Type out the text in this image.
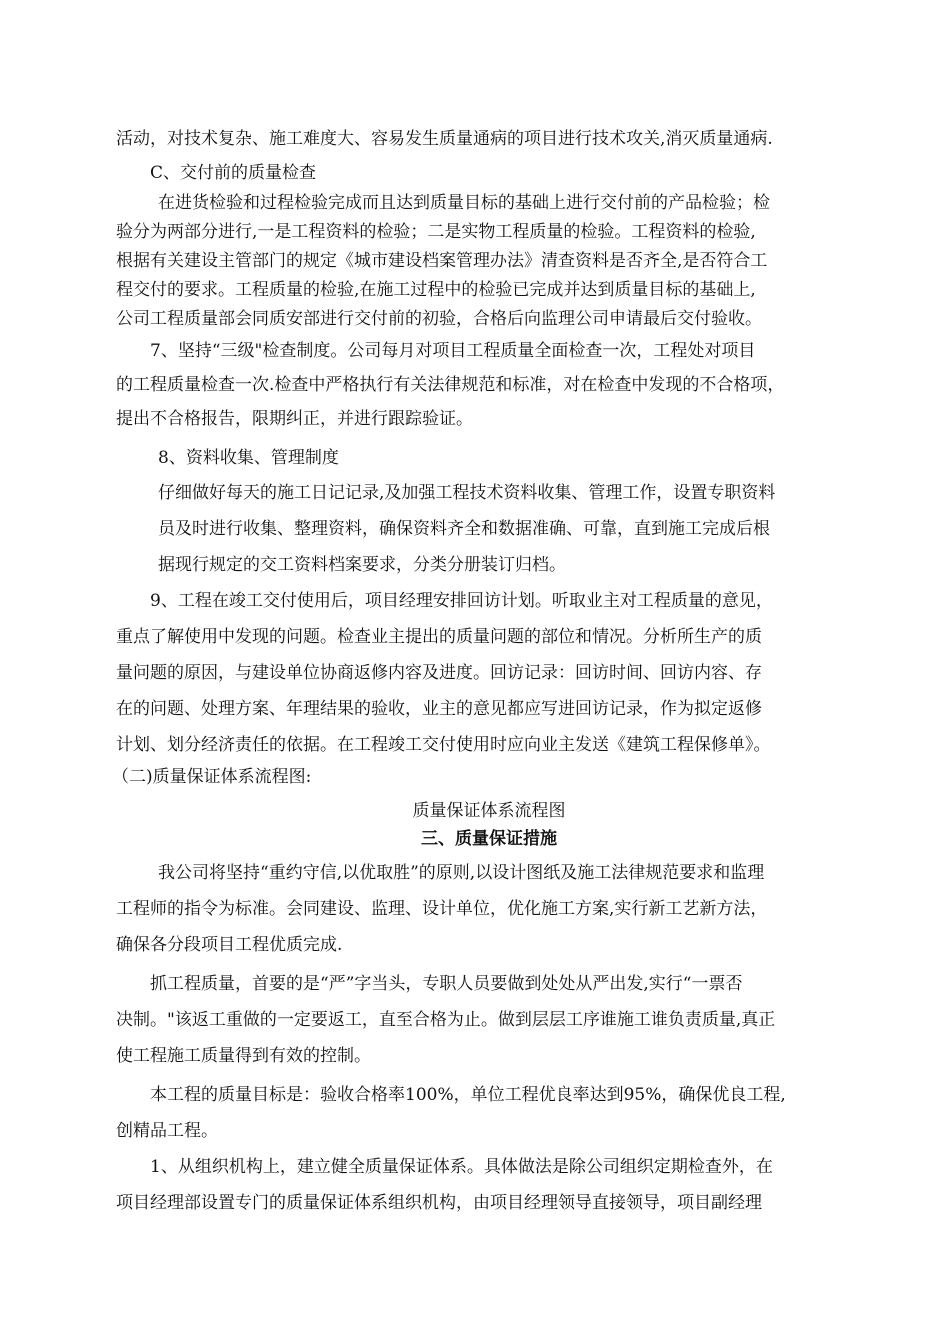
活动，对技术复杂、施工难度大、容易发生质量通病的项目进行技术攻关,消灭质量通病.
C、交付前的质量检查
在进货检验和过程检验完成而且达到质量目标的基础上进行交付前的产品检验；检
验分为两部分进行,一是工程资料的检验；二是实物工程质量的检验。工程资料的检验,
根据有关建设主管部门的规定《城市建设档案管理办法》清查资料是否齐全,是否符合工
程交付的要求。工程质量的检验,在施工过程中的检验已完成并达到质量目标的基础上,
公司工程质量部会同质安部进行交付前的初验，合格后向监理公司申请最后交付验收。
7、坚持“三级"检查制度。公司每月对项目工程质量全面检查一次，工程处对项目
的工程质量检查一次.检查中严格执行有关法律规范和标准，对在检查中发现的不合格项，
提出不合格报告，限期纠正，并进行跟踪验证。
8、资料收集、管理制度
仔细做好每天的施工日记记录,及加强工程技术资料收集、管理工作，设置专职资料
员及时进行收集、整理资料，确保资料齐全和数据准确、可靠，直到施工完成后根
据现行规定的交工资料档案要求，分类分册装订归档。
9、工程在竣工交付使用后，项目经理安排回访计划。听取业主对工程质量的意见，
重点了解使用中发现的问题。检查业主提出的质量问题的部位和情况。分析所生产的质
量问题的原因，与建设单位协商返修内容及进度。回访记录：回访时间、回访内容、存
在的问题、处理方案、年理结果的验收，业主的意见都应写进回访记录，作为拟定返修
计划、划分经济责任的依据。在工程竣工交付使用时应向业主发送《建筑工程保修单》。
（二)质量保证体系流程图:
质量保证体系流程图
三、质量保证措施
我公司将坚持“重约守信,以优取胜”的原则,以设计图纸及施工法律规范要求和监理
工程师的指令为标准。会同建设、监理、设计单位，优化施工方案,实行新工艺新方法，
确保各分段项目工程优质完成.
抓工程质量，首要的是“严”字当头，专职人员要做到处处从严出发,实行“一票否
决制。"该返工重做的一定要返工，直至合格为止。做到层层工序谁施工谁负责质量,真正
使工程施工质量得到有效的控制。
本工程的质量目标是：验收合格率100%，单位工程优良率达到95%，确保优良工程,
创精品工程。
1、从组织机构上，建立健全质量保证体系。具体做法是除公司组织定期检查外，在
项目经理部设置专门的质量保证体系组织机构，由项目经理领导直接领导，项目副经理
